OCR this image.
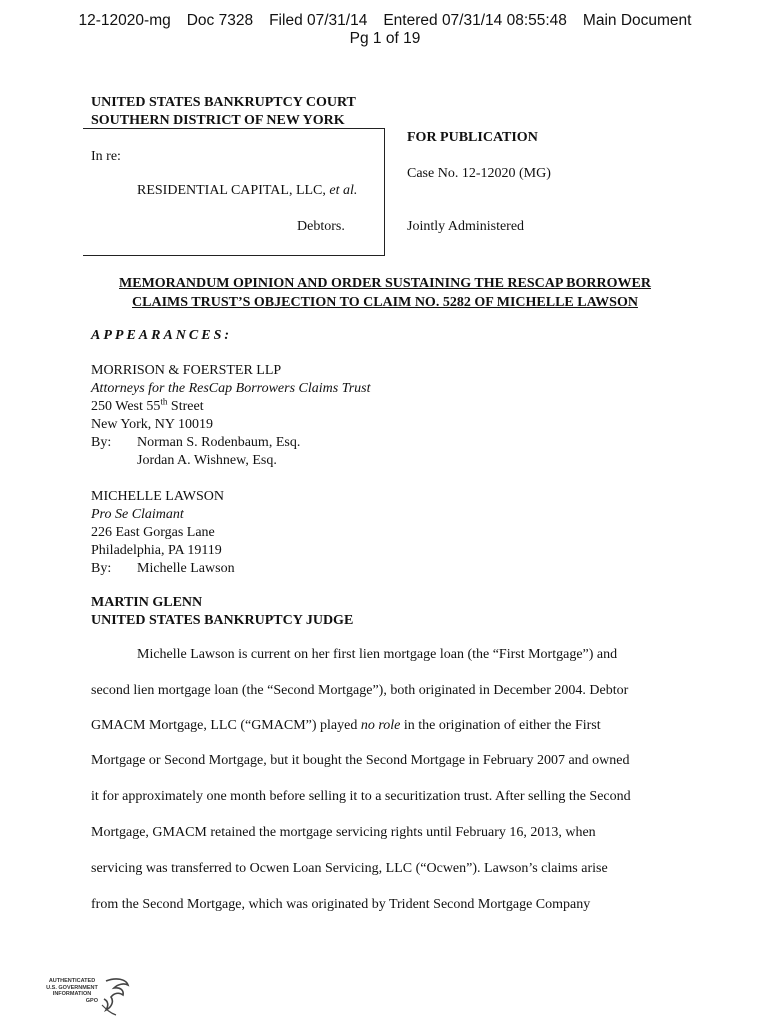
12-12020-mg Doc 7328 Filed 07/31/14 Entered 07/31/14 08:55:48 Main Document
Pg 1 of 19
UNITED STATES BANKRUPTCY COURT
SOUTHERN DISTRICT OF NEW YORK
In re:
RESIDENTIAL CAPITAL, LLC, et al.
Debtors.
FOR PUBLICATION
Case No. 12-12020 (MG)
Jointly Administered
MEMORANDUM OPINION AND ORDER SUSTAINING THE RESCAP BORROWER
CLAIMS TRUST’S OBJECTION TO CLAIM NO. 5282 OF MICHELLE LAWSON
APPEARANCES:
MORRISON & FOERSTER LLP
Attorneys for the ResCap Borrowers Claims Trust
250 West 55th Street
New York, NY 10019
By: Norman S. Rodenbaum, Esq.
Jordan A. Wishnew, Esq.
MICHELLE LAWSON
Pro Se Claimant
226 East Gorgas Lane
Philadelphia, PA 19119
By: Michelle Lawson
MARTIN GLENN
UNITED STATES BANKRUPTCY JUDGE
Michelle Lawson is current on her first lien mortgage loan (the “First Mortgage”) and
second lien mortgage loan (the “Second Mortgage”), both originated in December 2004. Debtor
GMACM Mortgage, LLC (“GMACM”) played no role in the origination of either the First
Mortgage or Second Mortgage, but it bought the Second Mortgage in February 2007 and owned
it for approximately one month before selling it to a securitization trust. After selling the Second
Mortgage, GMACM retained the mortgage servicing rights until February 16, 2013, when
servicing was transferred to Ocwen Loan Servicing, LLC (“Ocwen”). Lawson’s claims arise
from the Second Mortgage, which was originated by Trident Second Mortgage Company
AUTHENTICATED
U.S. GOVERNMENT
INFORMATION
GPO
